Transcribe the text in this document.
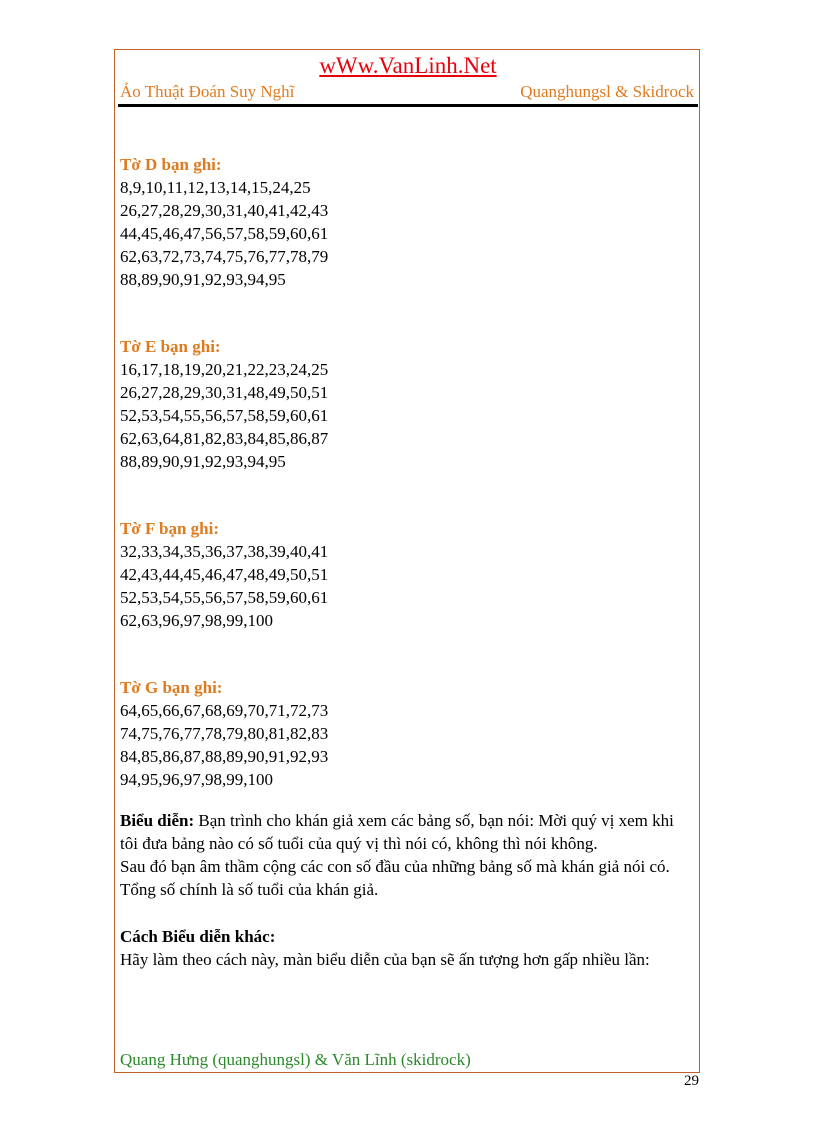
wWw.VanLinh.Net
Ảo Thuật Đoán Suy Nghĩ	Quanghungsl & Skidrock
Tờ D bạn ghi:
8,9,10,11,12,13,14,15,24,25
26,27,28,29,30,31,40,41,42,43
44,45,46,47,56,57,58,59,60,61
62,63,72,73,74,75,76,77,78,79
88,89,90,91,92,93,94,95
Tờ E bạn ghi:
16,17,18,19,20,21,22,23,24,25
26,27,28,29,30,31,48,49,50,51
52,53,54,55,56,57,58,59,60,61
62,63,64,81,82,83,84,85,86,87
88,89,90,91,92,93,94,95
Tờ F bạn ghi:
32,33,34,35,36,37,38,39,40,41
42,43,44,45,46,47,48,49,50,51
52,53,54,55,56,57,58,59,60,61
62,63,96,97,98,99,100
Tờ G bạn ghi:
64,65,66,67,68,69,70,71,72,73
74,75,76,77,78,79,80,81,82,83
84,85,86,87,88,89,90,91,92,93
94,95,96,97,98,99,100
Biểu diễn: Bạn trình cho khán giả xem các bảng số, bạn nói: Mời quý vị xem khi tôi đưa bảng nào có số tuổi của quý vị thì nói có, không thì nói không.
Sau đó bạn âm thầm cộng các con số đầu của những bảng số mà khán giả nói có. Tổng số chính là số tuổi của khán giả.
Cách Biểu diễn khác:
Hãy làm theo cách này, màn biểu diễn của bạn sẽ ấn tượng hơn gấp nhiều lần:
Quang Hưng (quanghungsl) & Văn Lĩnh (skidrock)
29
